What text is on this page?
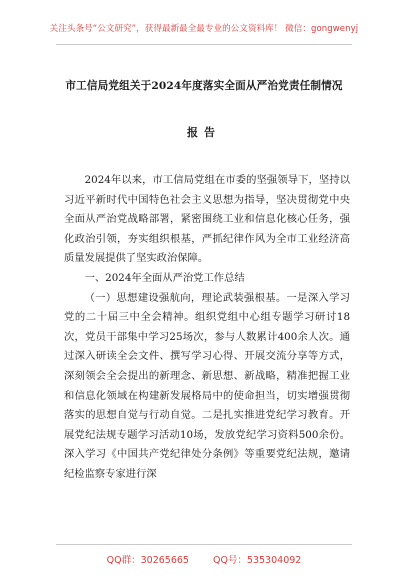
关注头条号“公文研究”，获得最新最全最专业的公文资料库！ 微信：gongwenyj
市工信局党组关于2024年度落实全面从严治党责任制情况
报告

2024年以来，市工信局党组在市委的坚强领导下，坚持以习近平新时代中国特色社会主义思想为指导，坚决贯彻党中央全面从严治党战略部署，紧密围绕工业和信息化核心任务，强化政治引领，夯实组织根基，严抓纪律作风为全市工业经济高质量发展提供了坚实政治保障。

一、2024年全面从严治党工作总结

（一）思想建设强航向，理论武装强根基。一是深入学习党的二十届三中全会精神。组织党组中心组专题学习研讨18次，党员干部集中学习25场次，参与人数累计400余人次。通过深入研读全会文件、撰写学习心得、开展交流分享等方式，深刻领会全会提出的新理念、新思想、新战略，精准把握工业和信息化领域在构建新发展格局中的使命担当，切实增强贯彻落实的思想自觉与行动自觉。二是扎实推进党纪学习教育。开展党纪法规专题学习活动10场，发放党纪学习资料500余份。深入学习《中国共产党纪律处分条例》等重要党纪法规，邀请纪检监察专家进行深

QQ群：30265665	QQ号：535304092
